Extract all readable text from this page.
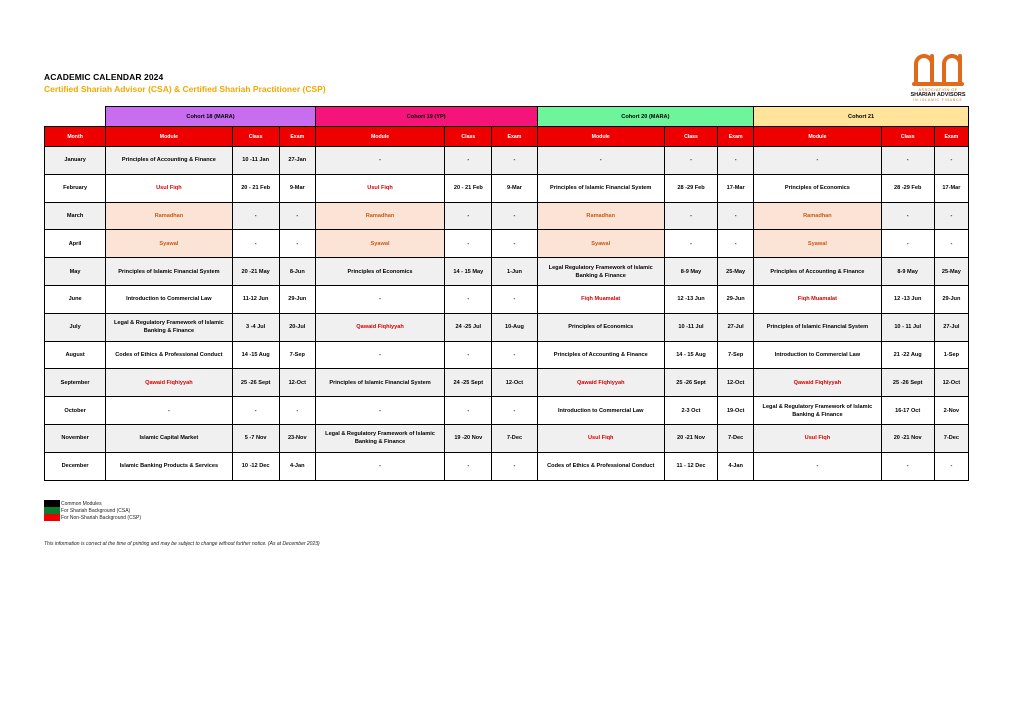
ACADEMIC CALENDAR 2024
Certified Shariah Advisor (CSA) & Certified Shariah Practitioner (CSP)	ASSOCIATION OF
SHARIAH ADVISORS
IN ISLAMIC FINANCE
	Cohort 18 (MARA)			Cohort 19 (YP)			Cohort 20 (MARA)			Cohort 21		
Month	Module	Class	Exam	Module	Class	Exam	Module	Class	Exam	Module	Class	Exam
January	Principles of Accounting & Finance	10 -11 Jan	27-Jan	-	-	-	-	-	-	-	-	-
February	Usul Fiqh	20 - 21 Feb	9-Mar	Usul Fiqh	20 - 21 Feb	9-Mar	Principles of Islamic Financial System	28 -29 Feb	17-Mar	Principles of Economics	28 -29 Feb	17-Mar
March	Ramadhan	-	-	Ramadhan	-	-	Ramadhan	-	-	Ramadhan	-	-
April	Syawal	-	-	Syawal	-	-	Syawal	-	-	Syawal	-	-
May	Principles of Islamic Financial System	20 -21 May	8-Jun	Principles of Economics	14 - 15 May	1-Jun	Legal Regulatory Framework of Islamic Banking & Finance	8-9 May	25-May	Principles of Accounting & Finance	8-9 May	25-May
June	Introduction to Commercial Law	11-12 Jun	29-Jun	-	-	-	Fiqh Muamalat	12 -13 Jun	29-Jun	Fiqh Muamalat	12 -13 Jun	29-Jun
July	Legal & Regulatory Framework of Islamic Banking & Finance	3 -4 Jul	20-Jul	Qawaid Fiqhiyyah	24 -25 Jul	10-Aug	Principles of Economics	10 -11 Jul	27-Jul	Principles of Islamic Financial System	10 - 11 Jul	27-Jul
August	Codes of Ethics & Professional Conduct	14 -15 Aug	7-Sep	-	-	-	Principles of Accounting & Finance	14 - 15 Aug	7-Sep	Introduction to Commercial Law	21 -22 Aug	1-Sep
September	Qawaid Fiqhiyyah	25 -26 Sept	12-Oct	Principles of Islamic Financial System	24 -25 Sept	12-Oct	Qawaid Fiqhiyyah	25 -26 Sept	12-Oct	Qawaid Fiqhiyyah	25 -26 Sept	12-Oct
October	-	-	-	-	-	-	Introduction to Commercial Law	2-3 Oct	19-Oct	Legal & Regulatory Framework of Islamic Banking & Finance	16-17 Oct	2-Nov
November	Islamic Capital Market	5 -7 Nov	23-Nov	Legal & Regulatory Framework of Islamic Banking & Finance	19 -20 Nov	7-Dec	Usul Fiqh	20 -21 Nov	7-Dec	Usul Fiqh	20 -21 Nov	7-Dec
December	Islamic Banking Products & Services	10 -12 Dec	4-Jan	-	-	-	Codes of Ethics & Professional Conduct	11 - 12 Dec	4-Jan	-	-	-
Common Modules
For Shariah Background (CSA)
For Non-Shariah Background (CSP)
This information is correct at the time of printing and may be subject to change without further notice. (As at December 2023)
